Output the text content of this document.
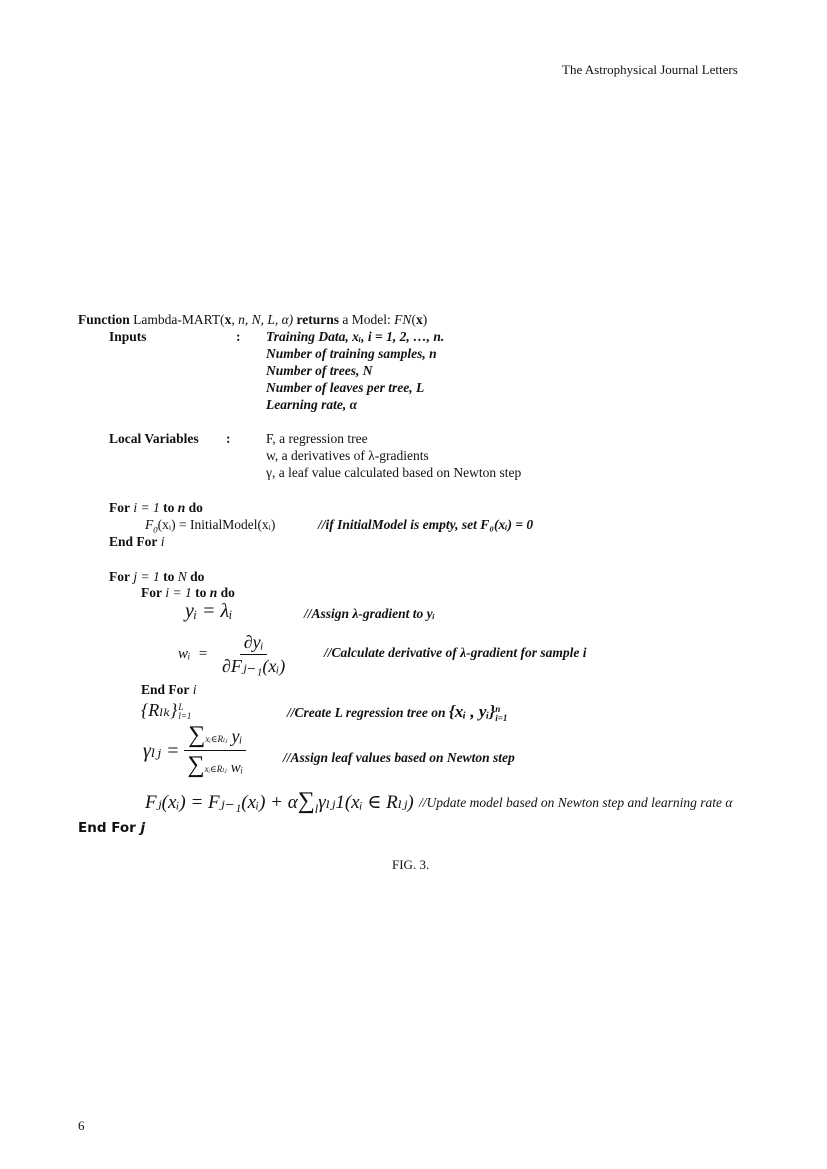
The Astrophysical Journal Letters
Function Lambda-MART(x, n, N, L, α) returns a Model: FN(x)
Inputs	: Training Data, xᵢ, i = 1, 2, …, n.
Number of training samples, n
Number of trees, N
Number of leaves per tree, L
Learning rate, α
Local Variables :	F, a regression tree
w, a derivatives of λ-gradients
γ, a leaf value calculated based on Newton step
For i = 1 to n do
$F_0(xᵢ)$ = InitialModel(xᵢ)	//if InitialModel is empty, set F₀(xᵢ) = 0
End For i
For j = 1 to N do
For i = 1 to n do
yᵢ = λᵢ	//Assign λ-gradient to yᵢ
wᵢ  = $\frac{\text{∂yᵢ}}{\text{∂Fⱼ₋₁(xᵢ)}}$	//Calculate derivative of λ-gradient for sample i
End For i
{Rₗₖ} L
l=1	//Create L regression tree on {xᵢ , yᵢ} n
i=1
γₗⱼ = $\frac{\text{∑xᵢ∈Rₗⱼ yᵢ}}{\text{∑xᵢ∈Rₗⱼ wᵢ}}$	//Assign leaf values based on Newton step
Fⱼ(xᵢ) = Fⱼ₋₁(xᵢ) + $\alpha\sum_l\gamma_lⱼ1(xᵢ$ ∈ Rₗⱼ) //Update model based on Newton step and learning rate α
End For j
FIG. 3.
6
